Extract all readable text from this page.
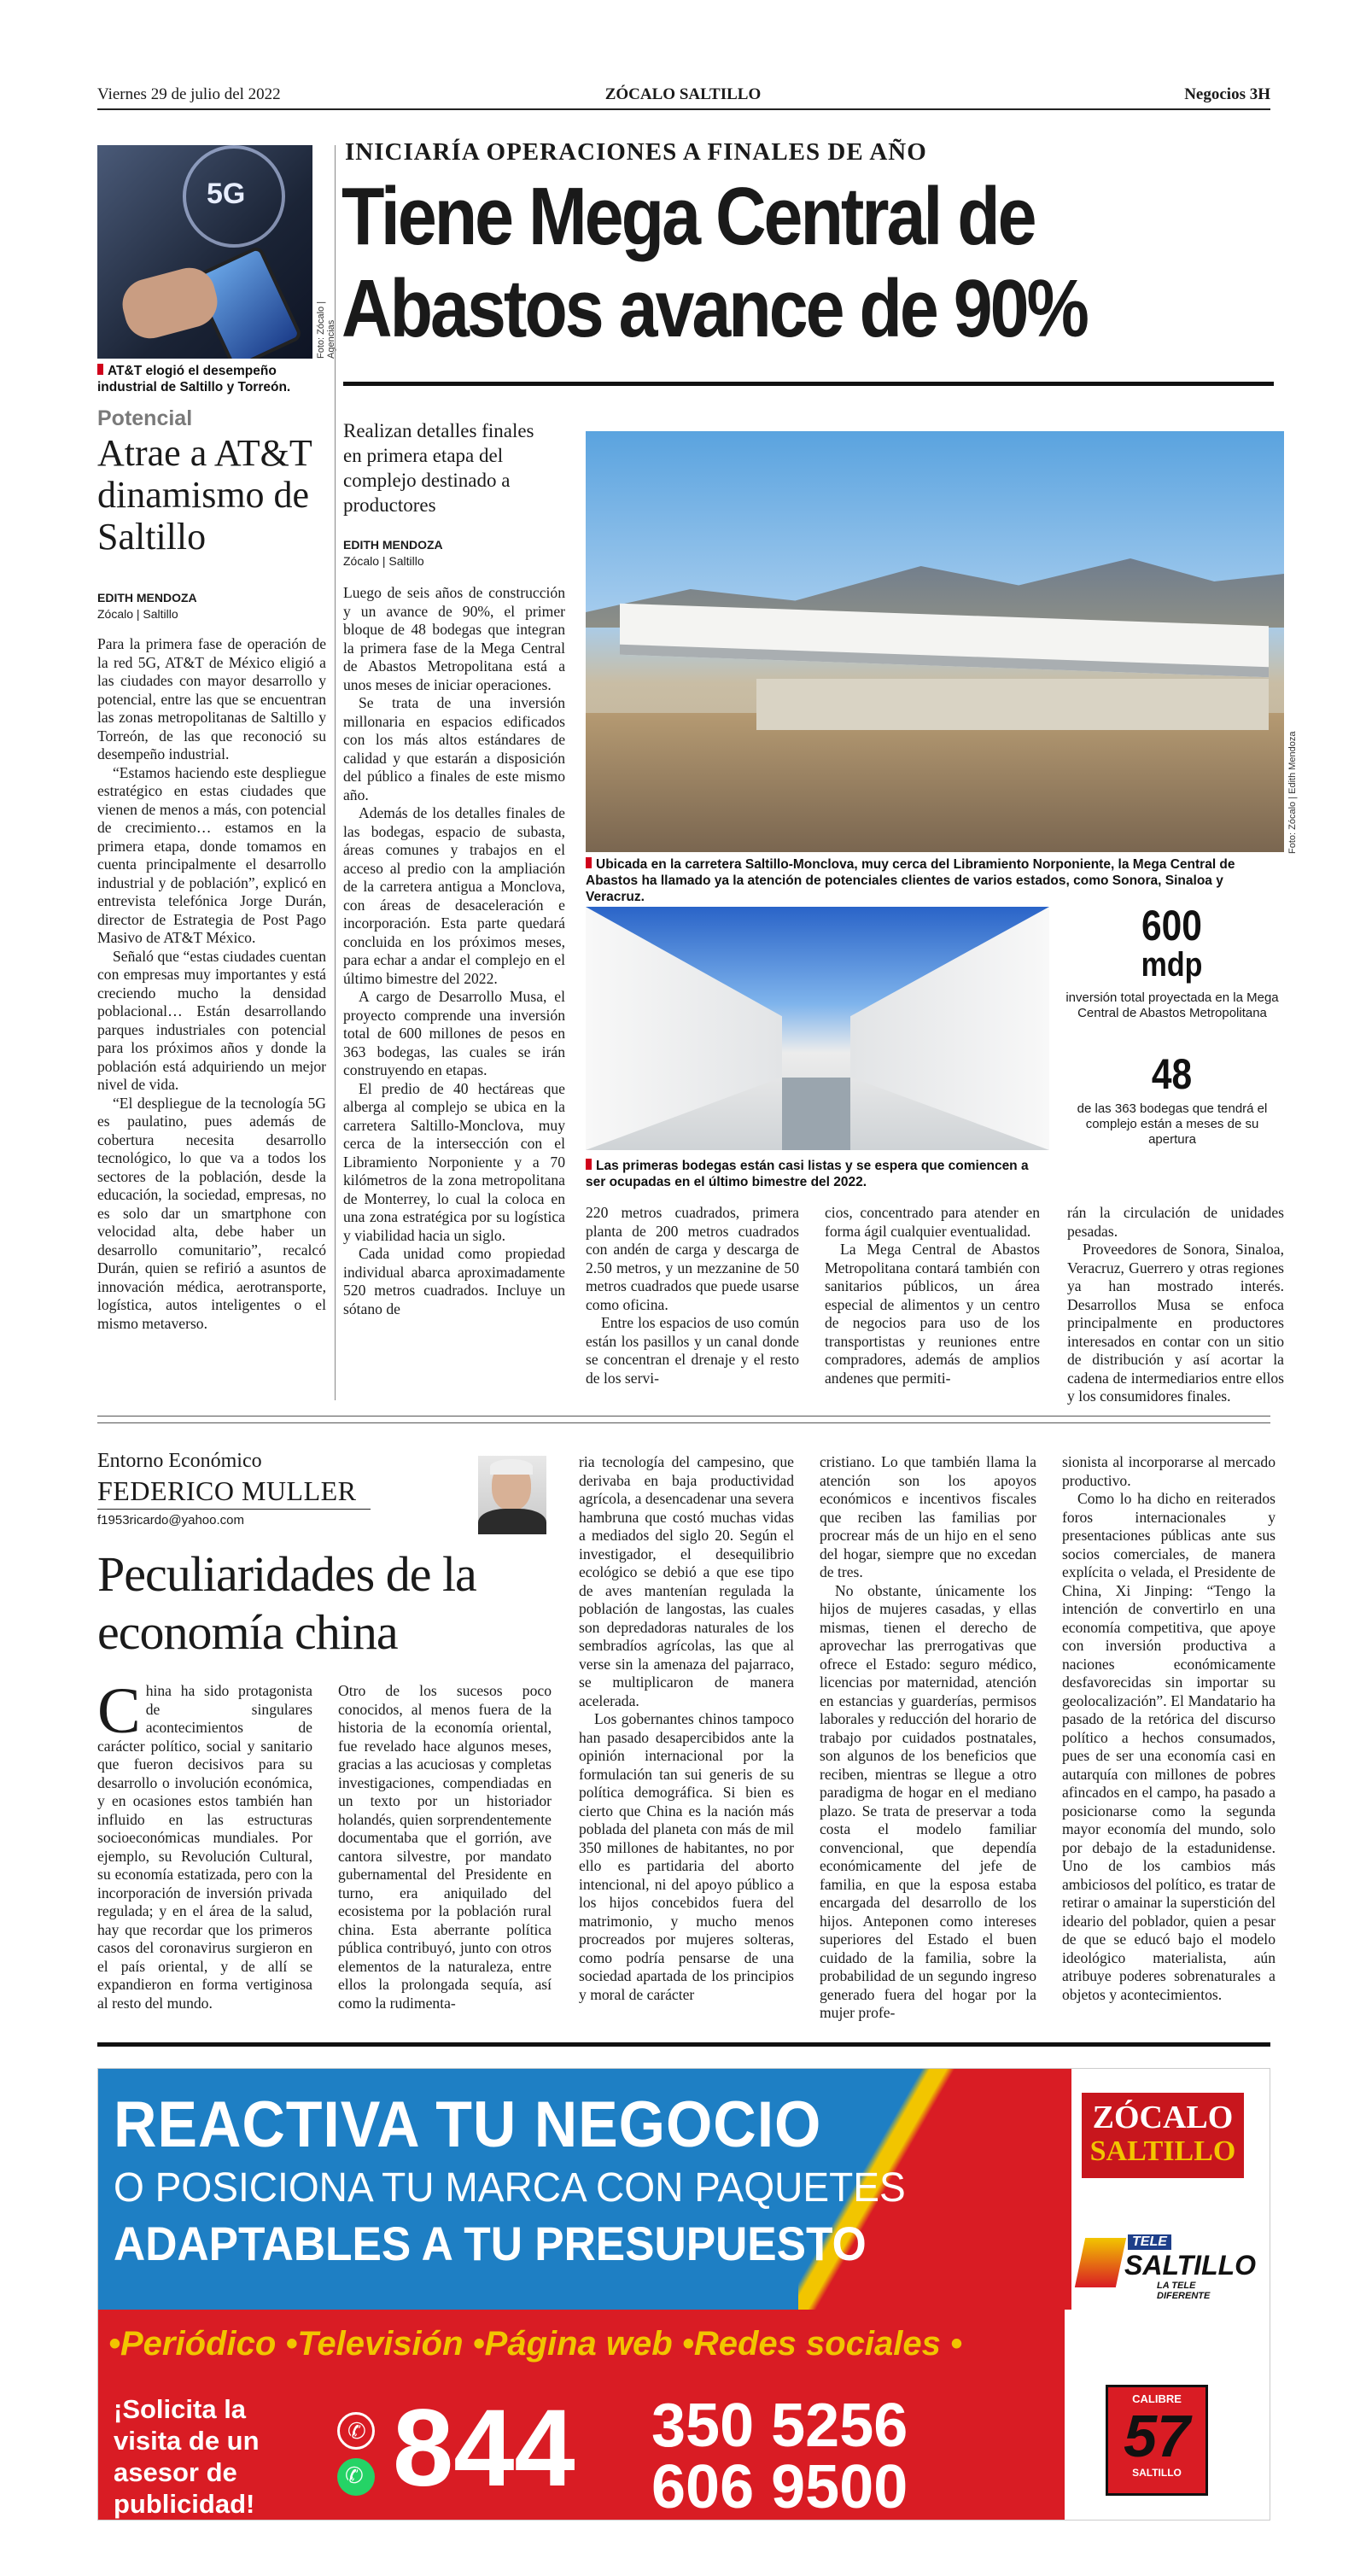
Viernes 29 de julio del 2022	ZÓCALO SALTILLO	Negocios 3H
5G
Foto: Zócalo | Agencias
AT&T elogió el desempeño industrial de Saltillo y Torreón.
Potencial
Atrae a AT&T dinamismo de Saltillo
EDITH MENDOZA
Zócalo | Saltillo

Para la primera fase de operación de la red 5G, AT&T de México eligió a las ciudades con mayor desarrollo y potencial, entre las que se encuentran las zonas metropolitanas de Saltillo y Torreón, de las que reconoció su desempeño industrial.

“Estamos haciendo este despliegue estratégico en estas ciudades que vienen de menos a más, con potencial de crecimiento… estamos en la primera etapa, donde tomamos en cuenta principalmente el desarrollo industrial y de población”, explicó en entrevista telefónica Jorge Durán, director de Estrategia de Post Pago Masivo de AT&T México.

Señaló que “estas ciudades cuentan con empresas muy importantes y está creciendo mucho la densidad poblacional… Están desarrollando parques industriales con potencial para los próximos años y donde la población está adquiriendo un mejor nivel de vida.

“El despliegue de la tecnología 5G es paulatino, pues además de cobertura necesita desarrollo tecnológico, lo que va a todos los sectores de la población, desde la educación, la sociedad, empresas, no es solo dar un smartphone con velocidad alta, debe haber un desarrollo comunitario”, recalcó Durán, quien se refirió a asuntos de innovación médica, aerotransporte, logística, autos inteligentes o el mismo metaverso.

INICIARÍA OPERACIONES A FINALES DE AÑO
Tiene Mega Central de Abastos avance de 90%
Realizan detalles finales en primera etapa del complejo destinado a productores
EDITH MENDOZA
Zócalo | Saltillo

Luego de seis años de construcción y un avance de 90%, el primer bloque de 48 bodegas que integran la primera fase de la Mega Central de Abastos Metropolitana está a unos meses de iniciar operaciones.

Se trata de una inversión millonaria en espacios edificados con los más altos estándares de calidad y que estarán a disposición del público a finales de este mismo año.

Además de los detalles finales de las bodegas, espacio de subasta, áreas comunes y trabajos en el acceso al predio con la ampliación de la carretera antigua a Monclova, con áreas de desaceleración e incorporación. Esta parte quedará concluida en los próximos meses, para echar a andar el complejo en el último bimestre del 2022.

A cargo de Desarrollo Musa, el proyecto comprende una inversión total de 600 millones de pesos en 363 bodegas, las cuales se irán construyendo en etapas.

El predio de 40 hectáreas que alberga al complejo se ubica en la carretera Saltillo-Monclova, muy cerca de la intersección con el Libramiento Norponiente y a 70 kilómetros de la zona metropolitana de Monterrey, lo cual la coloca en una zona estratégica por su logística y viabilidad hacia un siglo.

Cada unidad como propiedad individual abarca aproximadamente 520 metros cuadrados. Incluye un sótano de

Foto: Zócalo | Edith Mendoza
Ubicada en la carretera Saltillo-Monclova, muy cerca del Libramiento Norponiente, la Mega Central de Abastos ha llamado ya la atención de potenciales clientes de varios estados, como Sonora, Sinaloa y Veracruz.
Las primeras bodegas están casi listas y se espera que comiencen a ser ocupadas en el último bimestre del 2022.
600
mdp
inversión total proyectada en la Mega Central de Abastos Metropolitana
48
de las 363 bodegas que tendrá el complejo están a meses de su apertura

220 metros cuadrados, primera planta de 200 metros cuadrados con andén de carga y descarga de 2.50 metros, y un mezzanine de 50 metros cuadrados que puede usarse como oficina.

Entre los espacios de uso común están los pasillos y un canal donde se concentran el drenaje y el resto de los servi-

cios, concentrado para atender en forma ágil cualquier eventualidad.

La Mega Central de Abastos Metropolitana contará también con sanitarios públicos, un área especial de alimentos y un centro de negocios para uso de los transportistas y reuniones entre compradores, además de amplios andenes que permiti-

rán la circulación de unidades pesadas.

Proveedores de Sonora, Sinaloa, Veracruz, Guerrero y otras regiones ya han mostrado interés. Desarrollos Musa se enfoca principalmente en productores interesados en contar con un sitio de distribución y así acortar la cadena de intermediarios entre ellos y los consumidores finales.

Entorno Económico
FEDERICO MULLER
f1953ricardo@yahoo.com
Peculiaridades de la economía china
China ha sido protagonista de singulares acontecimientos de carácter político, social y sanitario que fueron decisivos para su desarrollo o involución económica, y en ocasiones estos también han influido en las estructuras socioeconómicas mundiales. Por ejemplo, su Revolución Cultural, su economía estatizada, pero con la incorporación de inversión privada regulada; y en el área de la salud, hay que recordar que los primeros casos del coronavirus surgieron en el país oriental, y de allí se expandieron en forma vertiginosa al resto del mundo.

Otro de los sucesos poco conocidos, al menos fuera de la historia de la economía oriental, fue revelado hace algunos meses, gracias a las acuciosas y completas investigaciones, compendiadas en un texto por un historiador holandés, quien sorprendentemente documentaba que el gorrión, ave cantora silvestre, por mandato gubernamental del Presidente en turno, era aniquilado del ecosistema por la población rural china. Esta aberrante política pública contribuyó, junto con otros elementos de la naturaleza, entre ellos la prolongada sequía, así como la rudimenta-

ria tecnología del campesino, que derivaba en baja productividad agrícola, a desencadenar una severa hambruna que costó muchas vidas a mediados del siglo 20. Según el investigador, el desequilibrio ecológico se debió a que ese tipo de aves mantenían regulada la población de langostas, las cuales son depredadoras naturales de los sembradíos agrícolas, las que al verse sin la amenaza del pajarraco, se multiplicaron de manera acelerada.

Los gobernantes chinos tampoco han pasado desapercibidos ante la opinión internacional por la formulación tan sui generis de su política demográfica. Si bien es cierto que China es la nación más poblada del planeta con más de mil 350 millones de habitantes, no por ello es partidaria del aborto intencional, ni del apoyo público a los hijos concebidos fuera del matrimonio, y mucho menos procreados por mujeres solteras, como podría pensarse de una sociedad apartada de los principios y moral de carácter

cristiano. Lo que también llama la atención son los apoyos económicos e incentivos fiscales que reciben las familias por procrear más de un hijo en el seno del hogar, siempre que no excedan de tres.

No obstante, únicamente los hijos de mujeres casadas, y ellas mismas, tienen el derecho de aprovechar las prerrogativas que ofrece el Estado: seguro médico, licencias por maternidad, atención en estancias y guarderías, permisos laborales y reducción del horario de trabajo por cuidados postnatales, son algunos de los beneficios que reciben, mientras se llegue a otro paradigma de hogar en el mediano plazo. Se trata de preservar a toda costa el modelo familiar convencional, que dependía económicamente del jefe de familia, en que la esposa estaba encargada del desarrollo de los hijos. Anteponen como intereses superiores del Estado el buen cuidado de la familia, sobre la probabilidad de un segundo ingreso generado fuera del hogar por la mujer profe-

sionista al incorporarse al mercado productivo.

Como lo ha dicho en reiterados foros internacionales y presentaciones públicas ante sus socios comerciales, de manera explícita o velada, el Presidente de China, Xi Jinping: “Tengo la intención de convertirlo en una economía competitiva, que apoye con inversión productiva a naciones económicamente desfavorecidas sin importar su geolocalización”. El Mandatario ha pasado de la retórica del discurso político a hechos consumados, pues de ser una economía casi en autarquía con millones de pobres afincados en el campo, ha pasado a posicionarse como la segunda mayor economía del mundo, solo por debajo de la estadunidense. Uno de los cambios más ambiciosos del político, es tratar de retirar o amainar la superstición del ideario del poblador, quien a pesar de que se educó bajo el modelo ideológico materialista, aún atribuye poderes sobrenaturales a objetos y acontecimientos.

REACTIVA TU NEGOCIO
O POSICIONA TU MARCA CON PAQUETES
ADAPTABLES A TU PRESUPUESTO
•Periódico •Televisión •Página web •Redes sociales •
¡Solicita la visita de un asesor de publicidad!
✆
✆ 844 350 5256
606 9500
ZÓCALO
SALTILLO
TELE
SALTILLO
LA TELE DIFERENTE
CALIBRE
57
SALTILLO
